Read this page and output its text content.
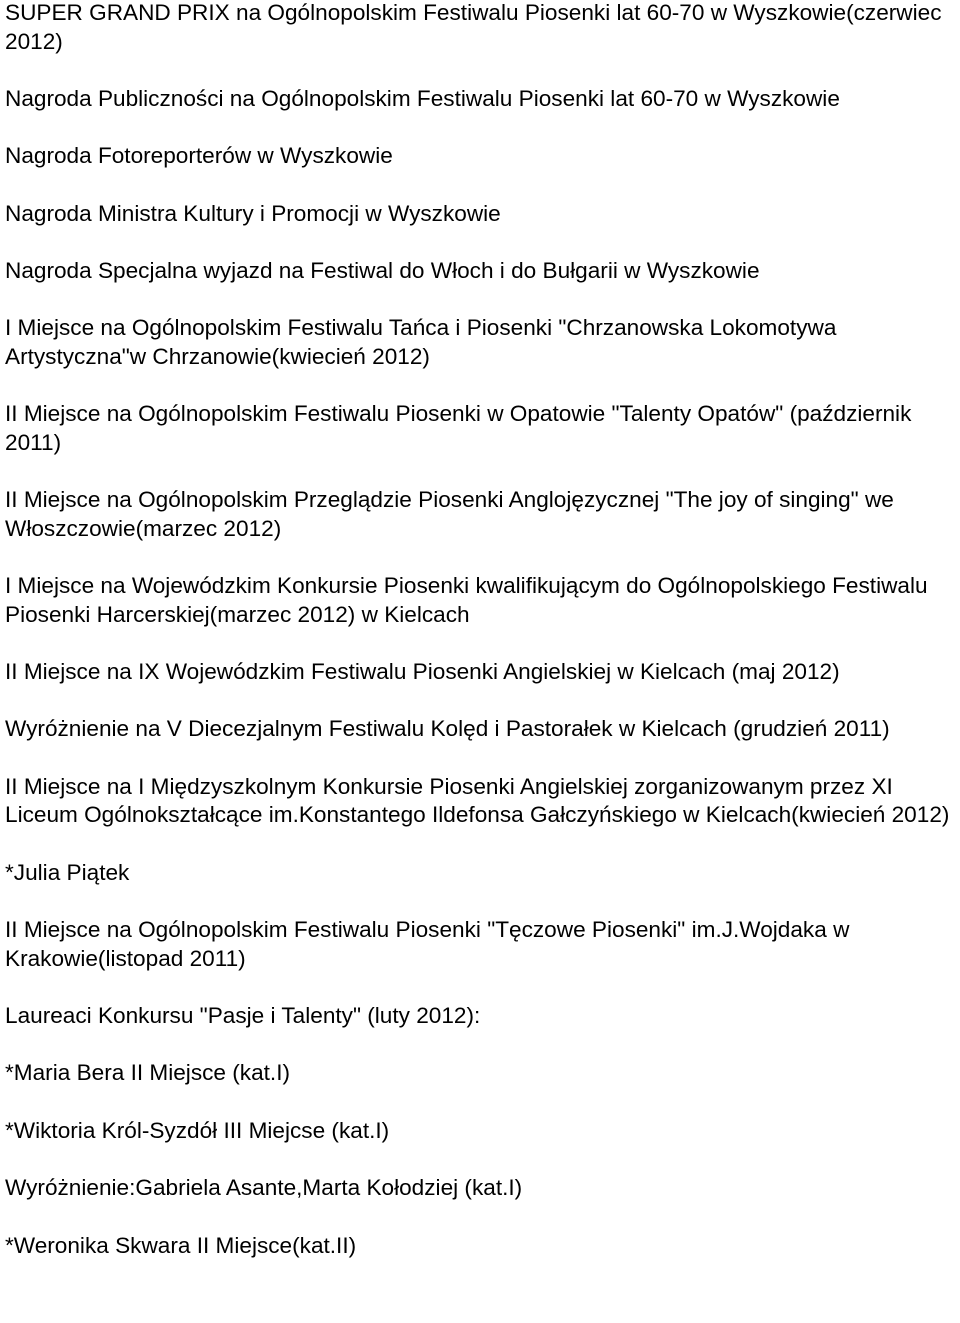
SUPER GRAND PRIX na Ogólnopolskim Festiwalu Piosenki lat 60-70 w Wyszkowie(czerwiec 2012)

Nagroda Publiczności na Ogólnopolskim Festiwalu Piosenki lat 60-70 w Wyszkowie

Nagroda Fotoreporterów w Wyszkowie

Nagroda Ministra Kultury i Promocji w Wyszkowie

Nagroda Specjalna wyjazd na Festiwal do Włoch i do Bułgarii w Wyszkowie

I Miejsce na Ogólnopolskim Festiwalu Tańca i Piosenki "Chrzanowska Lokomotywa Artystyczna"w Chrzanowie(kwiecień 2012)

II Miejsce na Ogólnopolskim Festiwalu Piosenki w Opatowie "Talenty Opatów" (październik 2011)

II Miejsce na Ogólnopolskim Przeglądzie Piosenki Anglojęzycznej "The joy of singing" we Włoszczowie(marzec 2012)

I Miejsce na Wojewódzkim Konkursie Piosenki kwalifikującym do Ogólnopolskiego Festiwalu Piosenki Harcerskiej(marzec 2012) w Kielcach

II Miejsce na IX Wojewódzkim Festiwalu Piosenki Angielskiej w Kielcach (maj 2012)

Wyróżnienie na V Diecezjalnym Festiwalu Kolęd i Pastorałek w Kielcach (grudzień 2011)

II Miejsce na I Międzyszkolnym Konkursie Piosenki Angielskiej zorganizowanym przez XI Liceum Ogólnokształcące im.Konstantego Ildefonsa Gałczyńskiego w Kielcach(kwiecień 2012)

*Julia Piątek

II Miejsce na Ogólnopolskim Festiwalu Piosenki "Tęczowe Piosenki" im.J.Wojdaka w Krakowie(listopad 2011)

Laureaci Konkursu "Pasje i Talenty" (luty 2012):

*Maria Bera II Miejsce (kat.I)

*Wiktoria Król-Syzdół III Miejcse (kat.I)

Wyróżnienie:Gabriela Asante,Marta Kołodziej (kat.I)

*Weronika Skwara II Miejsce(kat.II)
